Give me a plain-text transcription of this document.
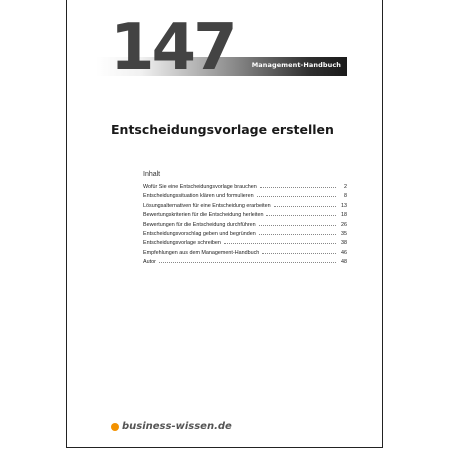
Management-Handbuch
147
Entscheidungsvorlage erstellen
Inhalt
Wofür Sie eine Entscheidungsvorlage brauchen	2
Entscheidungssituation klären und formulieren	8
Lösungsalternativen für eine Entscheidung erarbeiten	13
Bewertungskriterien für die Entscheidung herleiten	18
Bewertungen für die Entscheidung durchführen	26
Entscheidungsvorschlag geben und begründen	35
Entscheidungsvorlage schreiben	38
Empfehlungen aus dem Management-Handbuch	46
Autor	48
business-wissen.de
